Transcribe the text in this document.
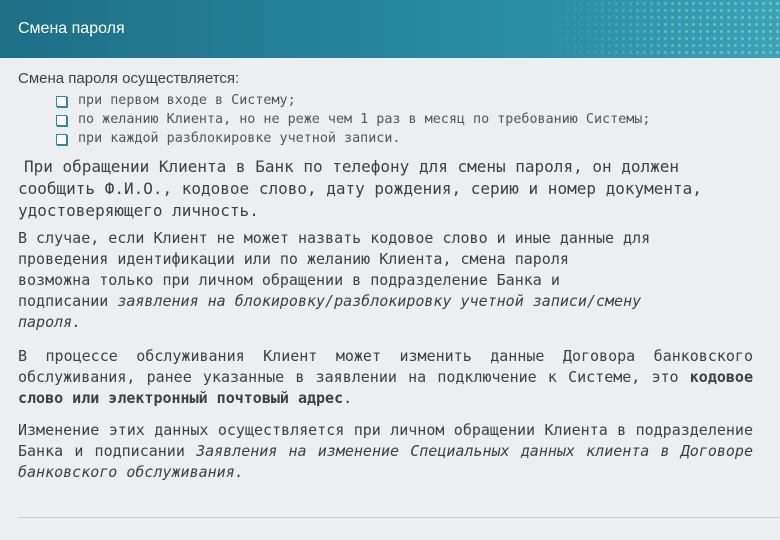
Смена пароля
Смена пароля осуществляется:
при первом входе в Систему;
по желанию Клиента, но не реже чем 1 раз в месяц по требованию Системы;
при каждой разблокировке учетной записи.

При обращении Клиента в Банк по телефону для смены пароля, он должен
сообщить Ф.И.О., кодовое слово, дату рождения, серию и номер документа,
удостоверяющего личность.

В случае, если Клиент не может назвать кодовое слово и иные данные для
проведения идентификации или по желанию Клиента, смена пароля
возможна только при личном обращении в подразделение Банка и
подписании заявления на блокировку/разблокировку учетной записи/смену
пароля.

В процессе обслуживания Клиент может изменить данные Договора банковского обслуживания, ранее указанные в заявлении на подключение к Системе, это кодовое слово или электронный почтовый адрес.

Изменение этих данных осуществляется при личном обращении Клиента в подразделение Банка и подписании Заявления на изменение Специальных данных клиента в Договоре банковского обслуживания.
